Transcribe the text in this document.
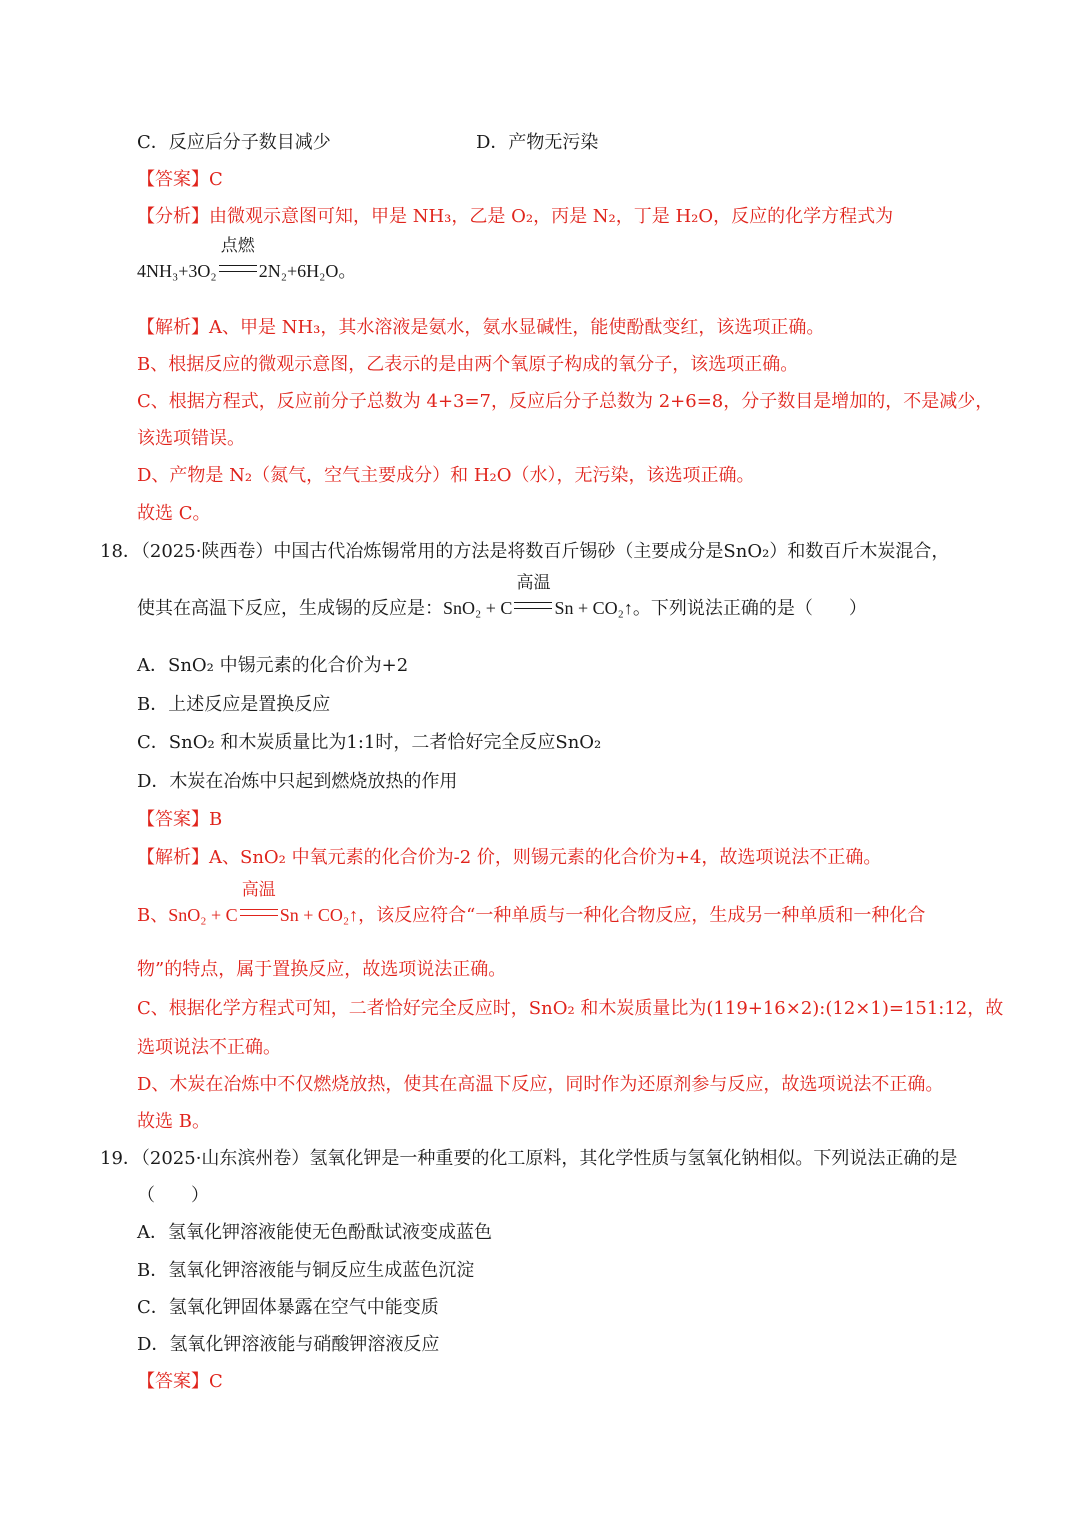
C．反应后分子数目减少	D．产物无污染
【答案】C
【分析】由微观示意图可知，甲是 NH₃，乙是 O₂，丙是 N₂，丁是 H₂O，反应的化学方程式为
4NH₃+3O₂
点燃
2N₂+6H₂O。
【解析】A、甲是 NH₃，其水溶液是氨水，氨水显碱性，能使酚酞变红，该选项正确。
B、根据反应的微观示意图，乙表示的是由两个氧原子构成的氧分子，该选项正确。
C、根据方程式，反应前分子总数为 4+3=7，反应后分子总数为 2+6=8，分子数目是增加的，不是减少，
该选项错误。
D、产物是 N₂（氮气，空气主要成分）和 H₂O（水），无污染，该选项正确。
故选 C。
18．（2025·陕西卷）中国古代冶炼锡常用的方法是将数百斤锡砂（主要成分是SnO₂）和数百斤木炭混合，
使其在高温下反应，生成锡的反应是：SnO₂ + C
高温
Sn + CO₂↑。下列说法正确的是（　　）
A．SnO₂ 中锡元素的化合价为+2
B．上述反应是置换反应
C．SnO₂ 和木炭质量比为1:1时，二者恰好完全反应SnO₂
D．木炭在冶炼中只起到燃烧放热的作用
【答案】B
【解析】A、SnO₂ 中氧元素的化合价为-2 价，则锡元素的化合价为+4，故选项说法不正确。
B、SnO₂ + C
高温
Sn + CO₂↑，该反应符合“一种单质与一种化合物反应，生成另一种单质和一种化合
物”的特点，属于置换反应，故选项说法正确。
C、根据化学方程式可知，二者恰好完全反应时，SnO₂ 和木炭质量比为(119+16×2):(12×1)=151:12，故
选项说法不正确。
D、木炭在冶炼中不仅燃烧放热，使其在高温下反应，同时作为还原剂参与反应，故选项说法不正确。
故选 B。
19．（2025·山东滨州卷）氢氧化钾是一种重要的化工原料，其化学性质与氢氧化钠相似。下列说法正确的是
（　　）
A．氢氧化钾溶液能使无色酚酞试液变成蓝色
B．氢氧化钾溶液能与铜反应生成蓝色沉淀
C．氢氧化钾固体暴露在空气中能变质
D．氢氧化钾溶液能与硝酸钾溶液反应
【答案】C
